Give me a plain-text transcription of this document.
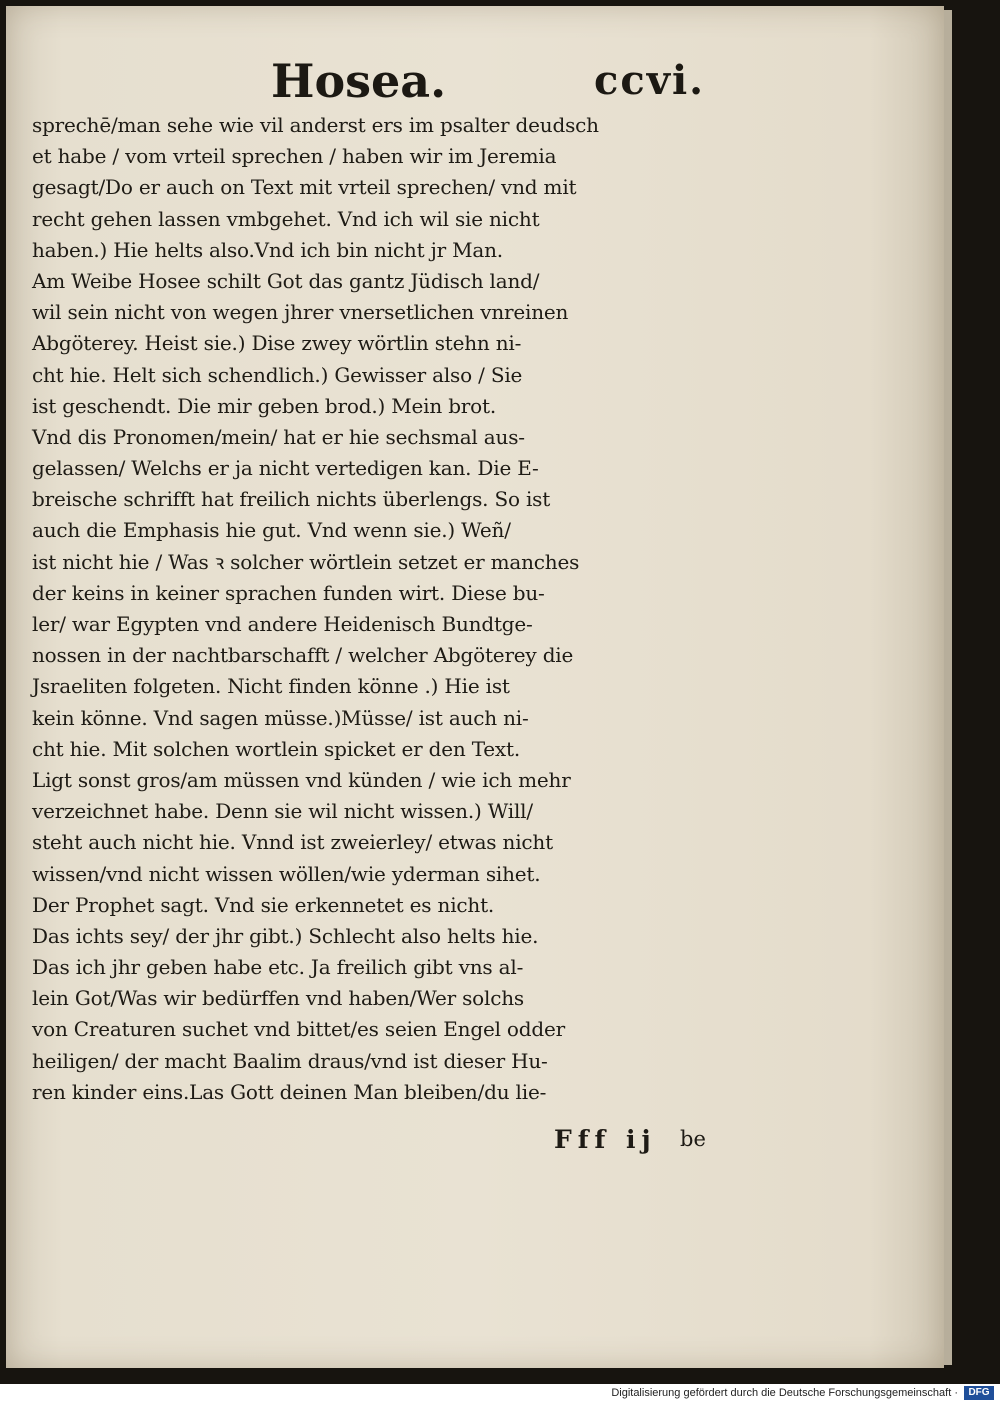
Hosea.	ccvi.

sprechē/man sehe wie vil anderst ers im psalter deudsch
et habe / vom vrteil sprechen / haben wir im Jeremia
gesagt/Do er auch on Text mit vrteil sprechen/ vnd mit
recht gehen lassen vmbgehet. Vnd ich wil sie nicht
haben.) Hie helts also.Vnd ich bin nicht jr Man.
Am Weibe Hosee schilt Got das gantz Jüdisch land/
wil sein nicht von wegen jhrer vnersetlichen vnreinen
Abgöterey. Heist sie.) Dise zwey wörtlin stehn ni-
cht hie. Helt sich schendlich.) Gewisser also / Sie
ist geschendt. Die mir geben brod.) Mein brot.
Vnd dis Pronomen/mein/ hat er hie sechsmal aus-
gelassen/ Welchs er ja nicht vertedigen kan. Die E-
breische schrifft hat freilich nichts überlengs. So ist
auch die Emphasis hie gut. Vnd wenn sie.) Weñ/
ist nicht hie / Was ꝛ solcher wörtlein setzet er manches
der keins in keiner sprachen funden wirt. Diese bu-
ler/ war Egypten vnd andere Heidenisch Bundtge-
nossen in der nachtbarschafft / welcher Abgöterey die
Jsraeliten folgeten. Nicht finden könne .) Hie ist
kein könne. Vnd sagen müsse.)Müsse/ ist auch ni-
cht hie. Mit solchen wortlein spicket er den Text.
Ligt sonst gros/am müssen vnd künden / wie ich mehr
verzeichnet habe. Denn sie wil nicht wissen.) Will/
steht auch nicht hie. Vnnd ist zweierley/ etwas nicht
wissen/vnd nicht wissen wöllen/wie yderman sihet.
Der Prophet sagt. Vnd sie erkennetet es nicht.
Das ichts sey/ der jhr gibt.) Schlecht also helts hie.
Das ich jhr geben habe etc. Ja freilich gibt vns al-
lein Got/Was wir bedürffen vnd haben/Wer solchs
von Creaturen suchet vnd bittet/es seien Engel odder
heiligen/ der macht Baalim draus/vnd ist dieser Hu-
ren kinder eins.Las Gott deinen Man bleiben/du lie-

Fff ij be

Digitalisierung gefördert durch die Deutsche Forschungsgemeinschaft ·	DFG
